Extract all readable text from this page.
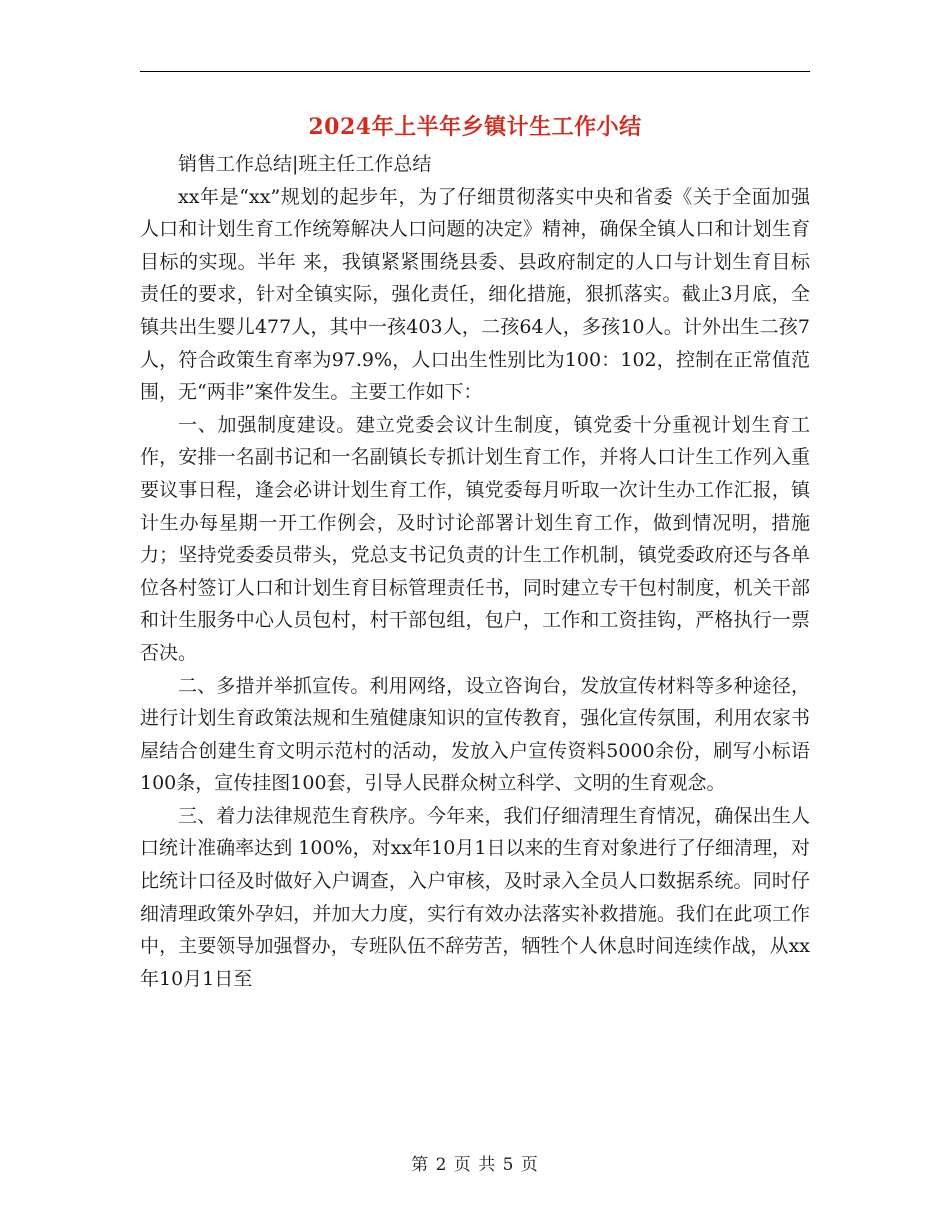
2024年上半年乡镇计生工作小结

销售工作总结|班主任工作总结

xx年是“xx”规划的起步年，为了仔细贯彻落实中央和省委《关于全面加强人口和计划生育工作统筹解决人口问题的决定》精神，确保全镇人口和计划生育目标的实现。半年 来，我镇紧紧围绕县委、县政府制定的人口与计划生育目标责任的要求，针对全镇实际，强化责任，细化措施，狠抓落实。截止3月底，全镇共出生婴儿477人，其中一孩403人，二孩64人，多孩10人。计外出生二孩7人，符合政策生育率为97.9%，人口出生性别比为100：102，控制在正常值范围，无“两非”案件发生。主要工作如下：

一、加强制度建设。建立党委会议计生制度，镇党委十分重视计划生育工作，安排一名副书记和一名副镇长专抓计划生育工作，并将人口计生工作列入重要议事日程，逢会必讲计划生育工作，镇党委每月听取一次计生办工作汇报，镇计生办每星期一开工作例会，及时讨论部署计划生育工作，做到情况明，措施力；坚持党委委员带头，党总支书记负责的计生工作机制，镇党委政府还与各单位各村签订人口和计划生育目标管理责任书，同时建立专干包村制度，机关干部和计生服务中心人员包村，村干部包组，包户，工作和工资挂钩，严格执行一票否决。

二、多措并举抓宣传。利用网络，设立咨询台，发放宣传材料等多种途径，进行计划生育政策法规和生殖健康知识的宣传教育，强化宣传氛围，利用农家书屋结合创建生育文明示范村的活动，发放入户宣传资料5000余份，刷写小标语100条，宣传挂图100套，引导人民群众树立科学、文明的生育观念。

三、着力法律规范生育秩序。今年来，我们仔细清理生育情况，确保出生人口统计准确率达到 100%，对xx年10月1日以来的生育对象进行了仔细清理，对比统计口径及时做好入户调查，入户审核，及时录入全员人口数据系统。同时仔细清理政策外孕妇，并加大力度，实行有效办法落实补救措施。我们在此项工作中，主要领导加强督办，专班队伍不辞劳苦，牺牲个人休息时间连续作战，从xx年10月1日至

第 2 页 共 5 页
